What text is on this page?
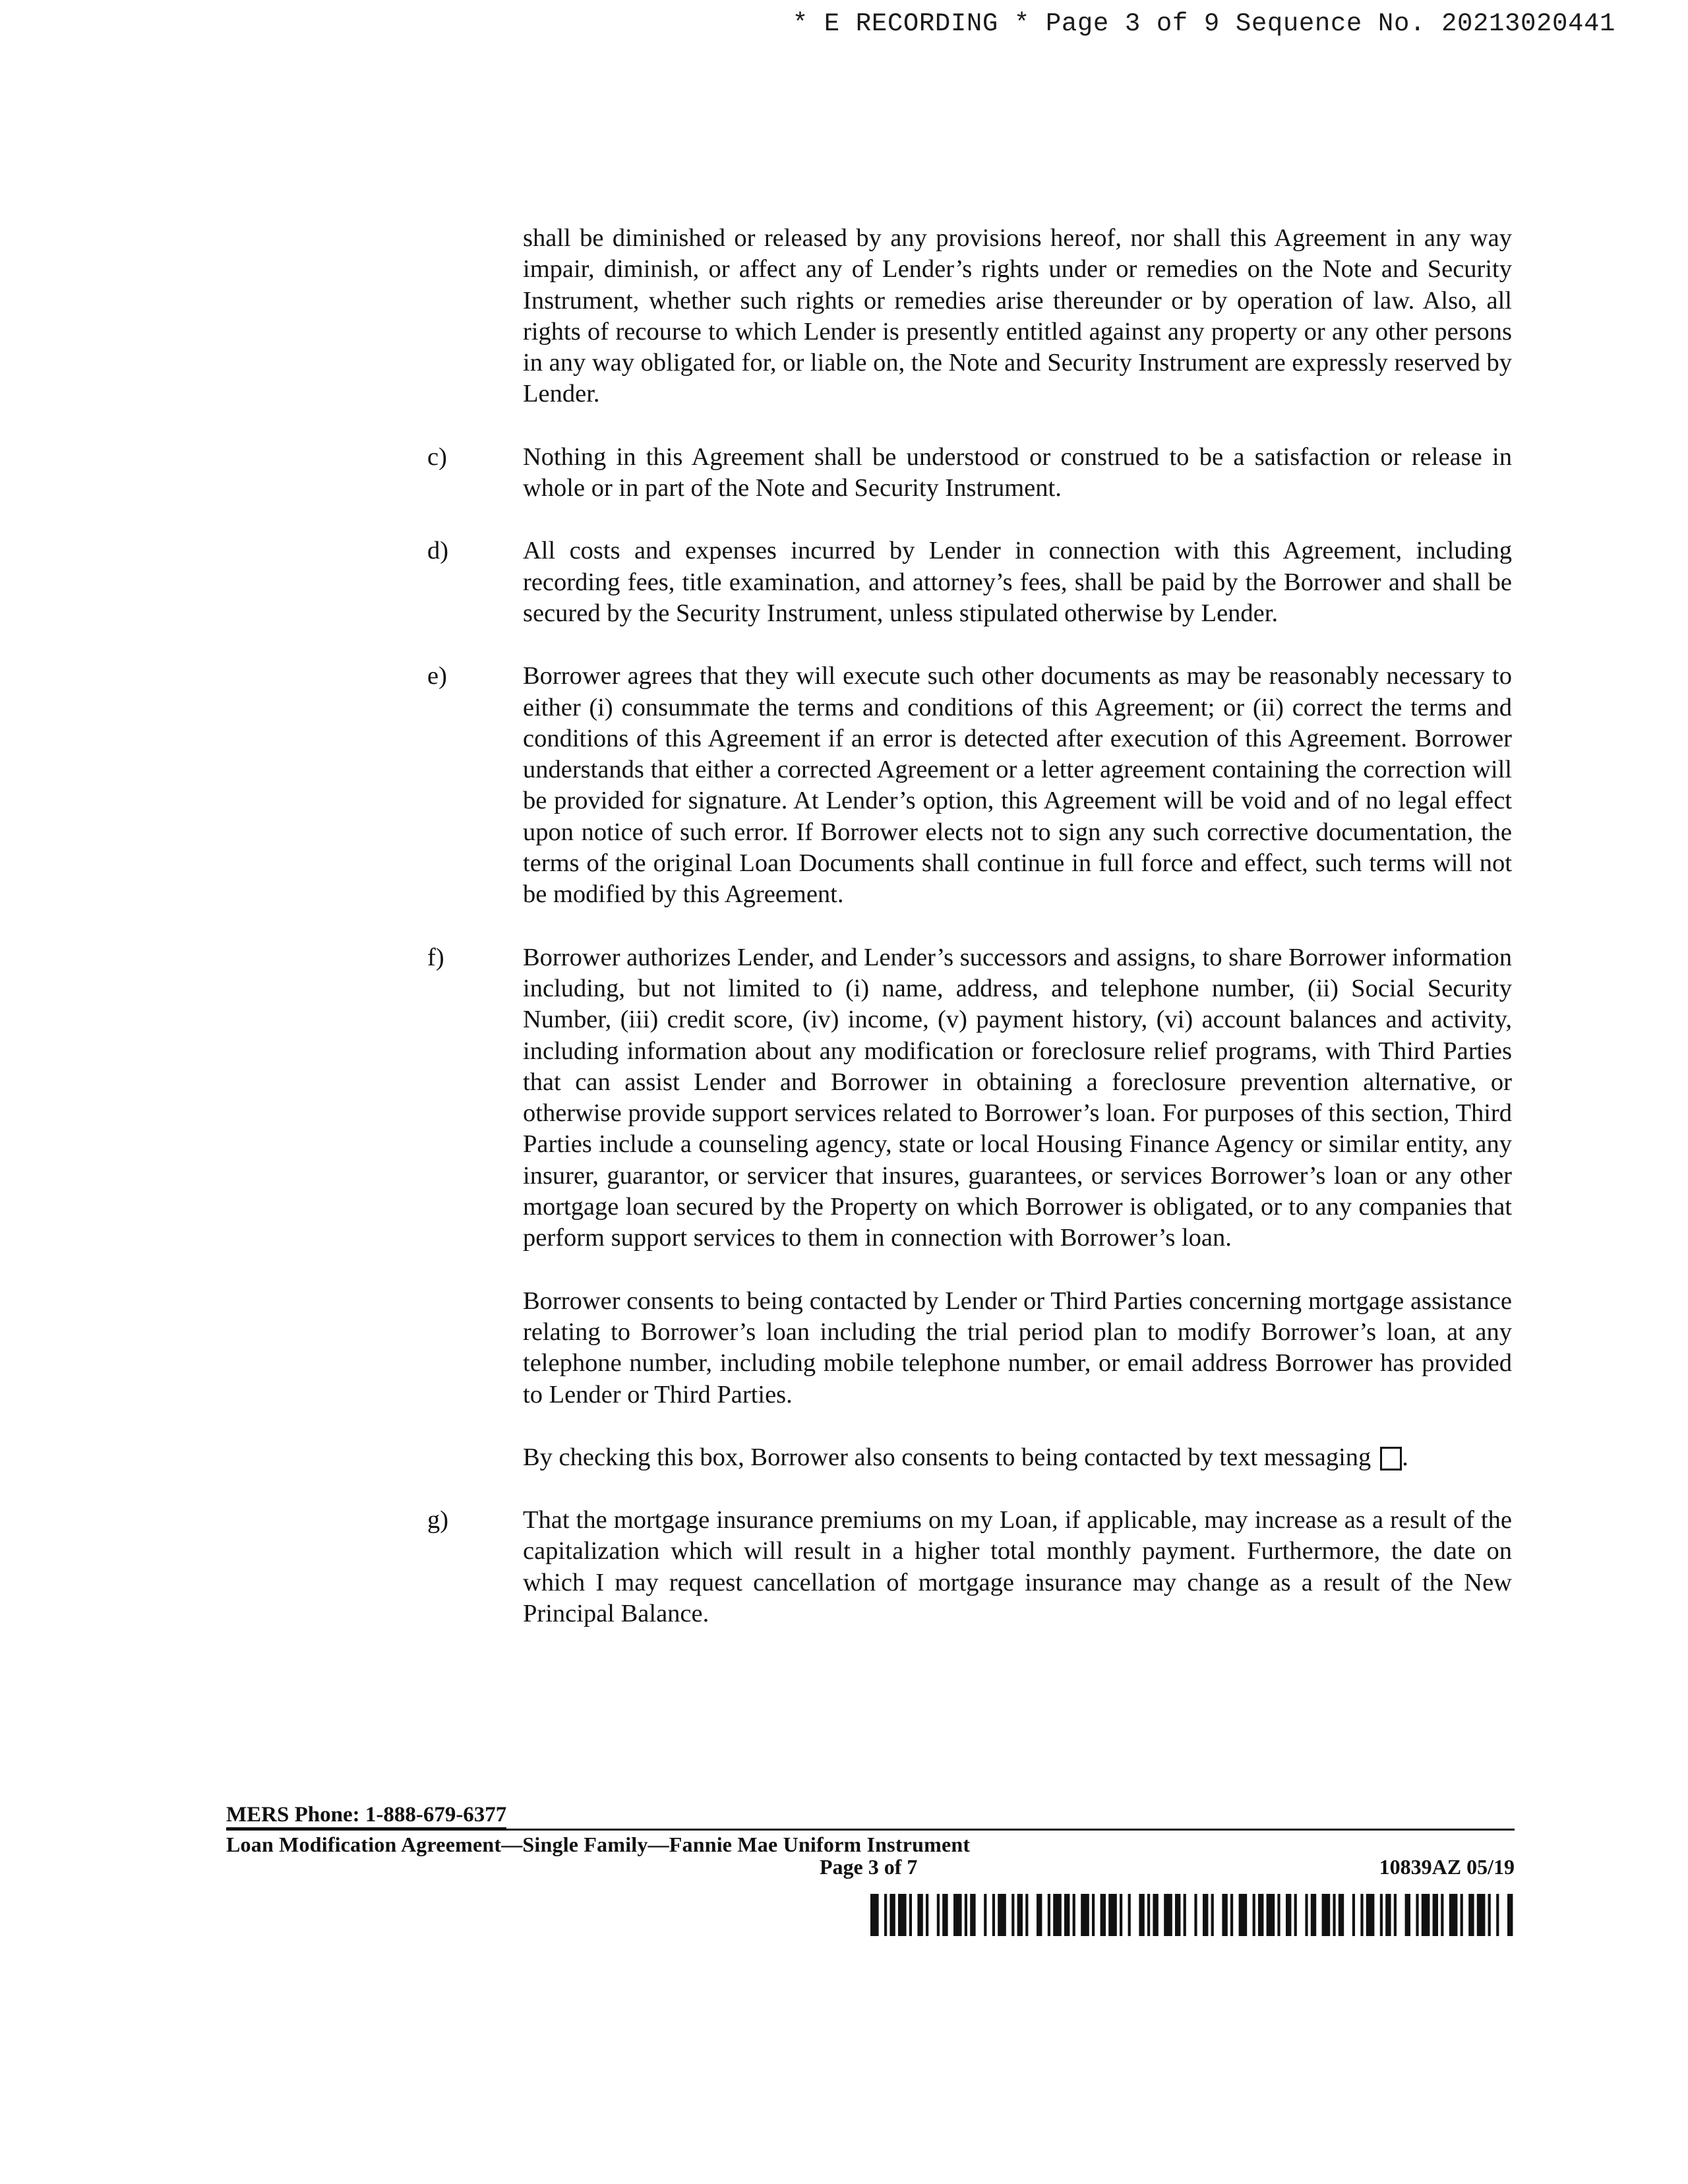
* E RECORDING * Page 3 of 9 Sequence No. 20213020441

shall be diminished or released by any provisions hereof, nor shall this Agreement in any way impair, diminish, or affect any of Lender’s rights under or remedies on the Note and Security Instrument, whether such rights or remedies arise thereunder or by operation of law. Also, all rights of recourse to which Lender is presently entitled against any property or any other persons in any way obligated for, or liable on, the Note and Security Instrument are expressly reserved by Lender.

c)	Nothing in this Agreement shall be understood or construed to be a satisfaction or release in whole or in part of the Note and Security Instrument.

d)	All costs and expenses incurred by Lender in connection with this Agreement, including recording fees, title examination, and attorney’s fees, shall be paid by the Borrower and shall be secured by the Security Instrument, unless stipulated otherwise by Lender.

e)	Borrower agrees that they will execute such other documents as may be reasonably necessary to either (i) consummate the terms and conditions of this Agreement; or (ii) correct the terms and conditions of this Agreement if an error is detected after execution of this Agreement. Borrower understands that either a corrected Agreement or a letter agreement containing the correction will be provided for signature. At Lender’s option, this Agreement will be void and of no legal effect upon notice of such error. If Borrower elects not to sign any such corrective documentation, the terms of the original Loan Documents shall continue in full force and effect, such terms will not be modified by this Agreement.

f)	Borrower authorizes Lender, and Lender’s successors and assigns, to share Borrower information including, but not limited to (i) name, address, and telephone number, (ii) Social Security Number, (iii) credit score, (iv) income, (v) payment history, (vi) account balances and activity, including information about any modification or foreclosure relief programs, with Third Parties that can assist Lender and Borrower in obtaining a foreclosure prevention alternative, or otherwise provide support services related to Borrower’s loan. For purposes of this section, Third Parties include a counseling agency, state or local Housing Finance Agency or similar entity, any insurer, guarantor, or servicer that insures, guarantees, or services Borrower’s loan or any other mortgage loan secured by the Property on which Borrower is obligated, or to any companies that perform support services to them in connection with Borrower’s loan.

Borrower consents to being contacted by Lender or Third Parties concerning mortgage assistance relating to Borrower’s loan including the trial period plan to modify Borrower’s loan, at any telephone number, including mobile telephone number, or email address Borrower has provided to Lender or Third Parties.

By checking this box, Borrower also consents to being contacted by text messaging .

g)	That the mortgage insurance premiums on my Loan, if applicable, may increase as a result of the capitalization which will result in a higher total monthly payment. Furthermore, the date on which I may request cancellation of mortgage insurance may change as a result of the New Principal Balance.

MERS Phone: 1-888-679-6377
Loan Modification Agreement—Single Family—Fannie Mae Uniform Instrument
Page 3 of 7	10839AZ 05/19
